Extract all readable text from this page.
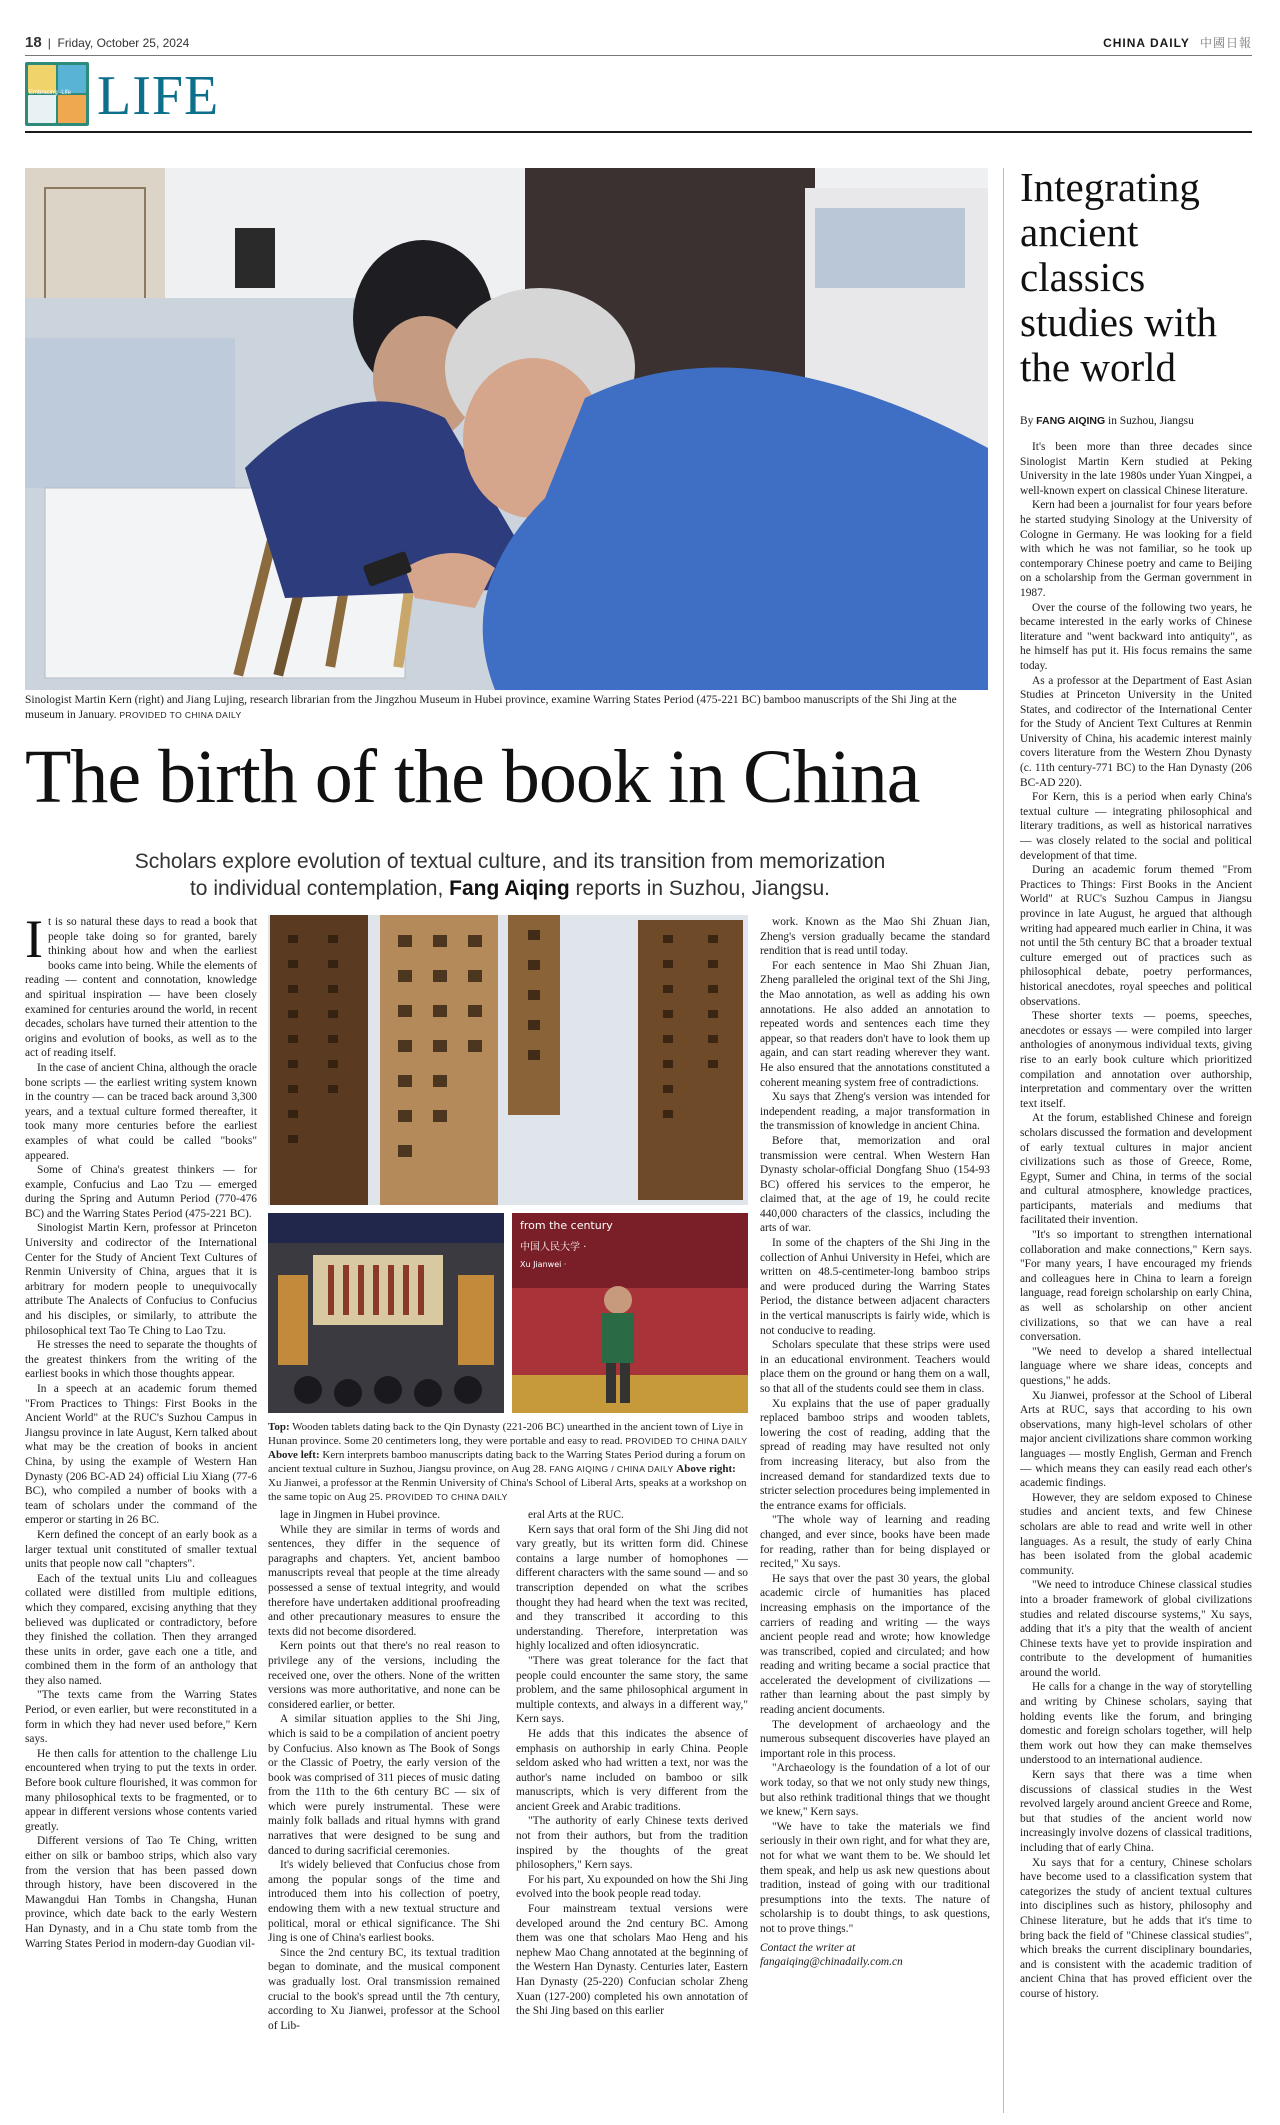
18 |  Friday, October 25, 2024	CHINA DAILY 中國日報
Embracing ·Life LIFE
Sinologist Martin Kern (right) and Jiang Lujing, research librarian from the Jingzhou Museum in Hubei province, examine Warring States Period (475-221 BC) bamboo manuscripts of the Shi Jing at the museum in January. PROVIDED TO CHINA DAILY
The birth of the book in China
Scholars explore evolution of textual culture, and its transition from memorization
to individual contemplation, Fang Aiqing reports in Suzhou, Jiangsu.
I t is so natural these days to read a book that people take doing so for granted, barely thinking about how and when the earliest books came into being. While the elements of reading — content and connotation, knowledge and spiritual inspiration — have been closely examined for centuries around the world, in recent decades, scholars have turned their attention to the origins and evolution of books, as well as to the act of reading itself.

In the case of ancient China, although the oracle bone scripts — the earliest writing system known in the country — can be traced back around 3,300 years, and a textual culture formed thereafter, it took many more centuries before the earliest examples of what could be called "books" appeared.

Some of China's greatest thinkers — for example, Confucius and Lao Tzu — emerged during the Spring and Autumn Period (770-476 BC) and the Warring States Period (475-221 BC).

Sinologist Martin Kern, professor at Princeton University and codirector of the International Center for the Study of Ancient Text Cultures of Renmin University of China, argues that it is arbitrary for modern people to unequivocally attribute The Analects of Confucius to Confucius and his disciples, or similarly, to attribute the philosophical text Tao Te Ching to Lao Tzu.

He stresses the need to separate the thoughts of the greatest thinkers from the writing of the earliest books in which those thoughts appear.

In a speech at an academic forum themed "From Practices to Things: First Books in the Ancient World" at the RUC's Suzhou Campus in Jiangsu province in late August, Kern talked about what may be the creation of books in ancient China, by using the example of Western Han Dynasty (206 BC-AD 24) official Liu Xiang (77-6 BC), who compiled a number of books with a team of scholars under the command of the emperor or starting in 26 BC.

Kern defined the concept of an early book as a larger textual unit constituted of smaller textual units that people now call "chapters".

Each of the textual units Liu and colleagues collated were distilled from multiple editions, which they compared, excising anything that they believed was duplicated or contradictory, before they finished the collation. Then they arranged these units in order, gave each one a title, and combined them in the form of an anthology that they also named.

"The texts came from the Warring States Period, or even earlier, but were reconstituted in a form in which they had never used before," Kern says.

He then calls for attention to the challenge Liu encountered when trying to put the texts in order. Before book culture flourished, it was common for many philosophical texts to be fragmented, or to appear in different versions whose contents varied greatly.

Different versions of Tao Te Ching, written either on silk or bamboo strips, which also vary from the version that has been passed down through history, have been discovered in the Mawangdui Han Tombs in Changsha, Hunan province, which date back to the early Western Han Dynasty, and in a Chu state tomb from the Warring States Period in modern-day Guodian vil-

from the century
中国人民大学 ·
Xu Jianwei ·
Top: Wooden tablets dating back to the Qin Dynasty (221-206 BC) unearthed in the ancient town of Liye in Hunan province. Some 20 centimeters long, they were portable and easy to read. PROVIDED TO CHINA DAILY Above left: Kern interprets bamboo manuscripts dating back to the Warring States Period during a forum on ancient textual culture in Suzhou, Jiangsu province, on Aug 28. FANG AIQING / CHINA DAILY Above right: Xu Jianwei, a professor at the Renmin University of China's School of Liberal Arts, speaks at a workshop on the same topic on Aug 25. PROVIDED TO CHINA DAILY

lage in Jingmen in Hubei province.

While they are similar in terms of words and sentences, they differ in the sequence of paragraphs and chapters. Yet, ancient bamboo manuscripts reveal that people at the time already possessed a sense of textual integrity, and would therefore have undertaken additional proofreading and other precautionary measures to ensure the texts did not become disordered.

Kern points out that there's no real reason to privilege any of the versions, including the received one, over the others. None of the written versions was more authoritative, and none can be considered earlier, or better.

A similar situation applies to the Shi Jing, which is said to be a compilation of ancient poetry by Confucius. Also known as The Book of Songs or the Classic of Poetry, the early version of the book was comprised of 311 pieces of music dating from the 11th to the 6th century BC — six of which were purely instrumental. These were mainly folk ballads and ritual hymns with grand narratives that were designed to be sung and danced to during sacrificial ceremonies.

It's widely believed that Confucius chose from among the popular songs of the time and introduced them into his collection of poetry, endowing them with a new textual structure and political, moral or ethical significance. The Shi Jing is one of China's earliest books.

Since the 2nd century BC, its textual tradition began to dominate, and the musical component was gradually lost. Oral transmission remained crucial to the book's spread until the 7th century, according to Xu Jianwei, professor at the School of Lib-

eral Arts at the RUC.

Kern says that oral form of the Shi Jing did not vary greatly, but its written form did. Chinese contains a large number of homophones — different characters with the same sound — and so transcription depended on what the scribes thought they had heard when the text was recited, and they transcribed it according to this understanding. Therefore, interpretation was highly localized and often idiosyncratic.

"There was great tolerance for the fact that people could encounter the same story, the same problem, and the same philosophical argument in multiple contexts, and always in a different way," Kern says.

He adds that this indicates the absence of emphasis on authorship in early China. People seldom asked who had written a text, nor was the author's name included on bamboo or silk manuscripts, which is very different from the ancient Greek and Arabic traditions.

"The authority of early Chinese texts derived not from their authors, but from the tradition inspired by the thoughts of the great philosophers," Kern says.

For his part, Xu expounded on how the Shi Jing evolved into the book people read today.

Four mainstream textual versions were developed around the 2nd century BC. Among them was one that scholars Mao Heng and his nephew Mao Chang annotated at the beginning of the Western Han Dynasty. Centuries later, Eastern Han Dynasty (25-220) Confucian scholar Zheng Xuan (127-200) completed his own annotation of the Shi Jing based on this earlier

work. Known as the Mao Shi Zhuan Jian, Zheng's version gradually became the standard rendition that is read until today.

For each sentence in Mao Shi Zhuan Jian, Zheng paralleled the original text of the Shi Jing, the Mao annotation, as well as adding his own annotations. He also added an annotation to repeated words and sentences each time they appear, so that readers don't have to look them up again, and can start reading wherever they want. He also ensured that the annotations constituted a coherent meaning system free of contradictions.

Xu says that Zheng's version was intended for independent reading, a major transformation in the transmission of knowledge in ancient China.

Before that, memorization and oral transmission were central. When Western Han Dynasty scholar-official Dongfang Shuo (154-93 BC) offered his services to the emperor, he claimed that, at the age of 19, he could recite 440,000 characters of the classics, including the arts of war.

In some of the chapters of the Shi Jing in the collection of Anhui University in Hefei, which are written on 48.5-centimeter-long bamboo strips and were produced during the Warring States Period, the distance between adjacent characters in the vertical manuscripts is fairly wide, which is not conducive to reading.

Scholars speculate that these strips were used in an educational environment. Teachers would place them on the ground or hang them on a wall, so that all of the students could see them in class.

Xu explains that the use of paper gradually replaced bamboo strips and wooden tablets, lowering the cost of reading, adding that the spread of reading may have resulted not only from increasing literacy, but also from the increased demand for standardized texts due to stricter selection procedures being implemented in the entrance exams for officials.

"The whole way of learning and reading changed, and ever since, books have been made for reading, rather than for being displayed or recited," Xu says.

He says that over the past 30 years, the global academic circle of humanities has placed increasing emphasis on the importance of the carriers of reading and writing — the ways ancient people read and wrote; how knowledge was transcribed, copied and circulated; and how reading and writing became a social practice that accelerated the development of civilizations — rather than learning about the past simply by reading ancient documents.

The development of archaeology and the numerous subsequent discoveries have played an important role in this process.

"Archaeology is the foundation of a lot of our work today, so that we not only study new things, but also rethink traditional things that we thought we knew," Kern says.

"We have to take the materials we find seriously in their own right, and for what they are, not for what we want them to be. We should let them speak, and help us ask new questions about tradition, instead of going with our traditional presumptions into the texts. The nature of scholarship is to doubt things, to ask questions, not to prove things."

Contact the writer at
fangaiqing@chinadaily.com.cn
Integrating ancient classics studies with the world
By FANG AIQING in Suzhou, Jiangsu

It's been more than three decades since Sinologist Martin Kern studied at Peking University in the late 1980s under Yuan Xingpei, a well-known expert on classical Chinese literature.

Kern had been a journalist for four years before he started studying Sinology at the University of Cologne in Germany. He was looking for a field with which he was not familiar, so he took up contemporary Chinese poetry and came to Beijing on a scholarship from the German government in 1987.

Over the course of the following two years, he became interested in the early works of Chinese literature and "went backward into antiquity", as he himself has put it. His focus remains the same today.

As a professor at the Department of East Asian Studies at Princeton University in the United States, and codirector of the International Center for the Study of Ancient Text Cultures at Renmin University of China, his academic interest mainly covers literature from the Western Zhou Dynasty (c. 11th century-771 BC) to the Han Dynasty (206 BC-AD 220).

For Kern, this is a period when early China's textual culture — integrating philosophical and literary traditions, as well as historical narratives — was closely related to the social and political development of that time.

During an academic forum themed "From Practices to Things: First Books in the Ancient World" at RUC's Suzhou Campus in Jiangsu province in late August, he argued that although writing had appeared much earlier in China, it was not until the 5th century BC that a broader textual culture emerged out of practices such as philosophical debate, poetry performances, historical anecdotes, royal speeches and political observations.

These shorter texts — poems, speeches, anecdotes or essays — were compiled into larger anthologies of anonymous individual texts, giving rise to an early book culture which prioritized compilation and annotation over authorship, interpretation and commentary over the written text itself.

At the forum, established Chinese and foreign scholars discussed the formation and development of early textual cultures in major ancient civilizations such as those of Greece, Rome, Egypt, Sumer and China, in terms of the social and cultural atmosphere, knowledge practices, participants, materials and mediums that facilitated their invention.

"It's so important to strengthen international collaboration and make connections," Kern says. "For many years, I have encouraged my friends and colleagues here in China to learn a foreign language, read foreign scholarship on early China, as well as scholarship on other ancient civilizations, so that we can have a real conversation.

"We need to develop a shared intellectual language where we share ideas, concepts and questions," he adds.

Xu Jianwei, professor at the School of Liberal Arts at RUC, says that according to his own observations, many high-level scholars of other major ancient civilizations share common working languages — mostly English, German and French — which means they can easily read each other's academic findings.

However, they are seldom exposed to Chinese studies and ancient texts, and few Chinese scholars are able to read and write well in other languages. As a result, the study of early China has been isolated from the global academic community.

"We need to introduce Chinese classical studies into a broader framework of global civilizations studies and related discourse systems," Xu says, adding that it's a pity that the wealth of ancient Chinese texts have yet to provide inspiration and contribute to the development of humanities around the world.

He calls for a change in the way of storytelling and writing by Chinese scholars, saying that holding events like the forum, and bringing domestic and foreign scholars together, will help them work out how they can make themselves understood to an international audience.

Kern says that there was a time when discussions of classical studies in the West revolved largely around ancient Greece and Rome, but that studies of the ancient world now increasingly involve dozens of classical traditions, including that of early China.

Xu says that for a century, Chinese scholars have become used to a classification system that categorizes the study of ancient textual cultures into disciplines such as history, philosophy and Chinese literature, but he adds that it's time to bring back the field of "Chinese classical studies", which breaks the current disciplinary boundaries, and is consistent with the academic tradition of ancient China that has proved efficient over the course of history.
